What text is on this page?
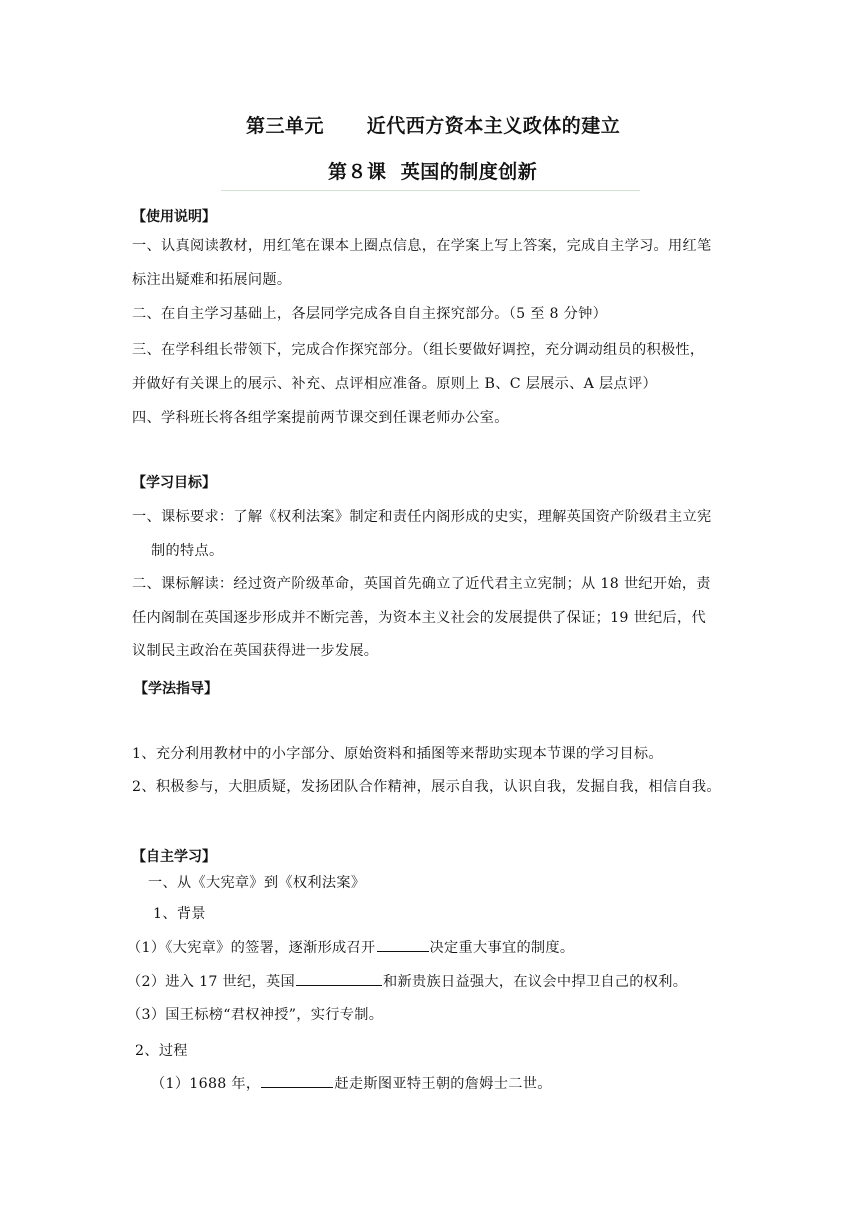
第三单元      近代西方资本主义政体的建立
第８课  英国的制度创新
【使用说明】
一、认真阅读教材，用红笔在课本上圈点信息，在学案上写上答案，完成自主学习。用红笔
标注出疑难和拓展问题。
二、在自主学习基础上，各层同学完成各自自主探究部分。（5 至 8 分钟）
三、在学科组长带领下，完成合作探究部分。（组长要做好调控，充分调动组员的积极性，
并做好有关课上的展示、补充、点评相应准备。原则上 B、C 层展示、A 层点评）
四、学科班长将各组学案提前两节课交到任课老师办公室。
【学习目标】
一、课标要求：了解《权利法案》制定和责任内阁形成的史实，理解英国资产阶级君主立宪
制的特点。
二、课标解读：经过资产阶级革命，英国首先确立了近代君主立宪制；从 18 世纪开始，责
任内阁制在英国逐步形成并不断完善，为资本主义社会的发展提供了保证；19 世纪后，代
议制民主政治在英国获得进一步发展。
【学法指导】
1、充分利用教材中的小字部分、原始资料和插图等来帮助实现本节课的学习目标。
2、积极参与，大胆质疑，发扬团队合作精神，展示自我，认识自我，发掘自我，相信自我。
【自主学习】
一、从《大宪章》到《权利法案》
1、背景
（1）《大宪章》的签署，逐渐形成召开	决定重大事宜的制度。
（2）进入 17 世纪，英国	和新贵族日益强大，在议会中捍卫自己的权利。
（3）国王标榜“君权神授”，实行专制。
2、过程
（1）1688 年，	赶走斯图亚特王朝的詹姆士二世。
